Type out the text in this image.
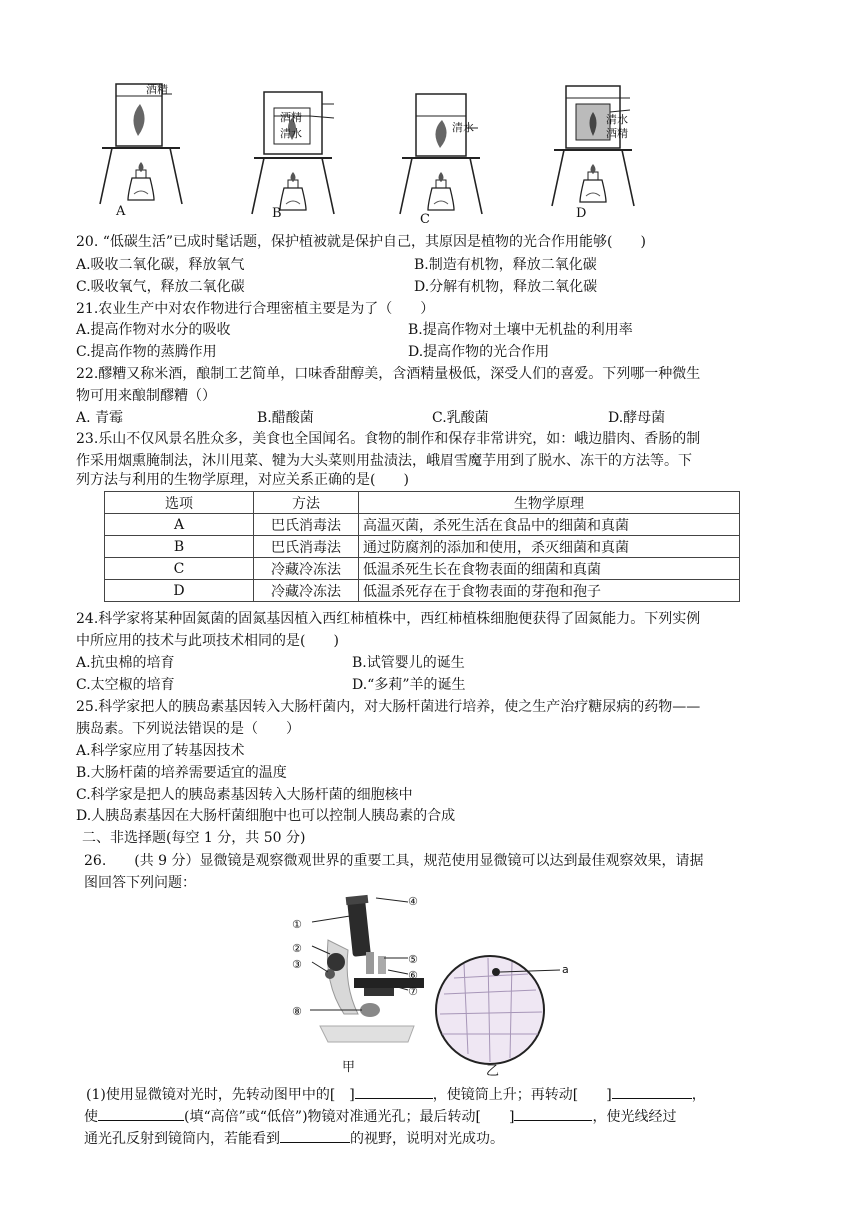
酒精
酒精
清水	清水
清水
酒精
A	B	C	D
20. “低碳生活”已成时髦话题，保护植被就是保护自己，其原因是植物的光合作用能够(　　)
A.吸收二氧化碳，释放氧气	B.制造有机物，释放二氧化碳
C.吸收氧气，释放二氧化碳	D.分解有机物，释放二氧化碳
21.农业生产中对农作物进行合理密植主要是为了（　　）
A.提高作物对水分的吸收	B.提高作物对土壤中无机盐的利用率
C.提高作物的蒸腾作用	D.提高作物的光合作用
22.醪糟又称米酒，酿制工艺简单，口味香甜醇美，含酒精量极低，深受人们的喜爱。下列哪一种微生
物可用来酿制醪糟（）
A. 青霉	B.醋酸菌	C.乳酸菌	D.酵母菌
23.乐山不仅风景名胜众多，美食也全国闻名。食物的制作和保存非常讲究，如：峨边腊肉、香肠的制
作采用烟熏腌制法，沐川甩菜、犍为大头菜则用盐渍法，峨眉雪魔芋用到了脱水、冻干的方法等。下
列方法与利用的生物学原理，对应关系正确的是(　　)
选项	方法	生物学原理
A	巴氏消毒法	高温灭菌，杀死生活在食品中的细菌和真菌
B	巴氏消毒法	通过防腐剂的添加和使用，杀灭细菌和真菌
C	冷藏冷冻法	低温杀死生长在食物表面的细菌和真菌
D	冷藏冷冻法	低温杀死存在于食物表面的芽孢和孢子
24.科学家将某种固氮菌的固氮基因植入西红柿植株中，西红柿植株细胞便获得了固氮能力。下列实例
中所应用的技术与此项技术相同的是(　　)
A.抗虫棉的培育	B.试管婴儿的诞生
C.太空椒的培育	D.“多莉”羊的诞生
25.科学家把人的胰岛素基因转入大肠杆菌内，对大肠杆菌进行培养，使之生产治疗糖尿病的药物——
胰岛素。下列说法错误的是（　　）
A.科学家应用了转基因技术
B.大肠杆菌的培养需要适宜的温度
C.科学家是把人的胰岛素基因转入大肠杆菌的细胞核中
D.人胰岛素基因在大肠杆菌细胞中也可以控制人胰岛素的合成
二、非选择题(每空 1 分，共 50 分)
26.　　(共 9 分）显微镜是观察微观世界的重要工具，规范使用显微镜可以达到最佳观察效果，请据
图回答下列问题：
①
②
③
④
⑤
⑥
⑦
⑧
a
甲	乙
(1)使用显微镜对光时，先转动图甲中的[　]	，使镜筒上升；再转动[　　]	，
使	(填“高倍”或“低倍”)物镜对准通光孔；最后转动[　　]	，使光线经过
通光孔反射到镜筒内，若能看到	的视野，说明对光成功。
